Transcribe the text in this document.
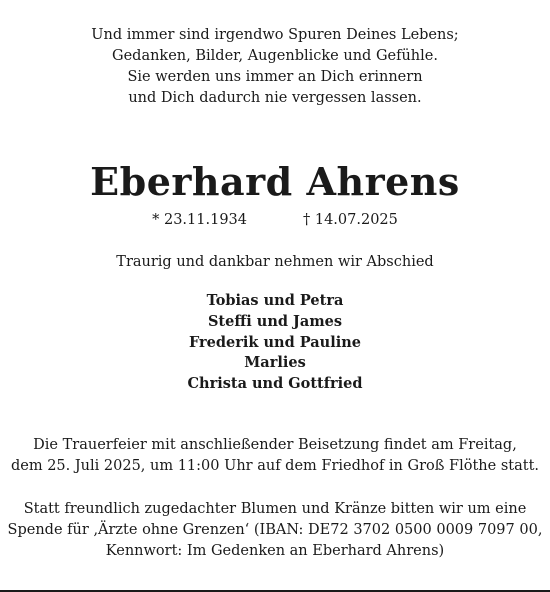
Und immer sind irgendwo Spuren Deines Lebens;
Gedanken, Bilder, Augenblicke und Gefühle.
Sie werden uns immer an Dich erinnern
und Dich dadurch nie vergessen lassen.
Eberhard Ahrens
* 23.11.1934	† 14.07.2025
Traurig und dankbar nehmen wir Abschied
Tobias und Petra
Steffi und James
Frederik und Pauline
Marlies
Christa und Gottfried
Die Trauerfeier mit anschließender Beisetzung findet am Freitag,
dem 25. Juli 2025, um 11:00 Uhr auf dem Friedhof in Groß Flöthe statt.
Statt freundlich zugedachter Blumen und Kränze bitten wir um eine
Spende für ‚Ärzte ohne Grenzen‘ (IBAN: DE72 3702 0500 0009 7097 00,
Kennwort: Im Gedenken an Eberhard Ahrens)
